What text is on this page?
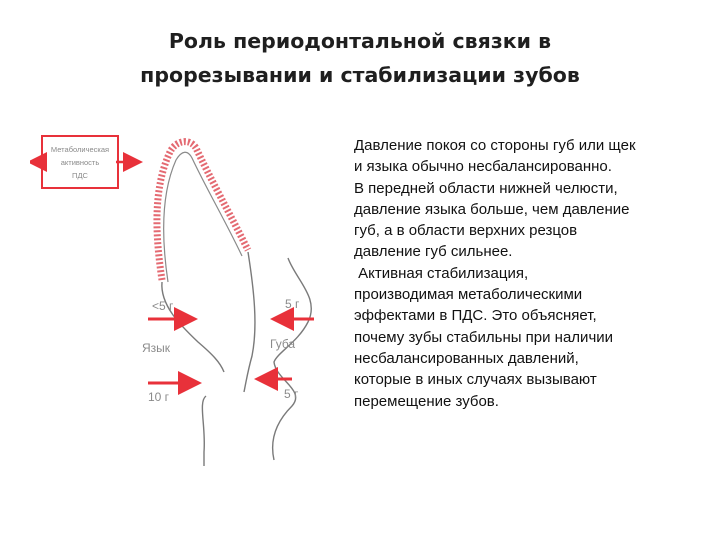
Роль периодонтальной связки в
прорезывании и стабилизации зубов
Метаболическая
активность
ПДС
<5 г
Язык
10 г
5 г
Губа
5 г
Давление покоя со стороны губ или щек
и языка обычно несбалансированно.
В передней области нижней челюсти,
давление языка больше, чем давление
губ, а в области верхних резцов
давление губ сильнее.
Активная стабилизация,
производимая метаболическими
эффектами в ПДС. Это объясняет,
почему зубы стабильны при наличии
несбалансированных давлений,
которые в иных случаях вызывают
перемещение зубов.
